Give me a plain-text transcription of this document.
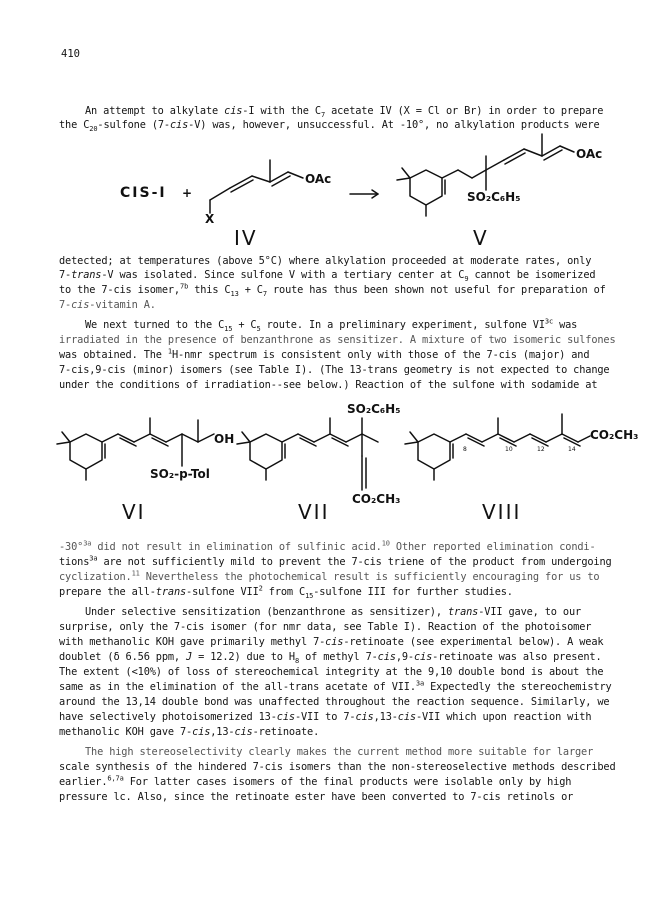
410
An attempt to alkylate cis-I with the $C_7$ acetate IV (X = Cl or Br) in order to prepare
the $C_{20}$-sulfone (7-cis-V) was, however, unsuccessful. At -10°, no alkylation products were
CIS-I +
OAc
X
IV
OAc
SO₂C₆H₅
V
detected; at temperatures (above 5°C) where alkylation proceeded at moderate rates, only
7-trans-V was isolated. Since sulfone V with a tertiary center at $C_9$ cannot be isomerized
to the 7-cis isomer,$^{7b}$ this $C_{13} + C_7$ route has thus been shown not useful for preparation of
7-cis-vitamin A.
We next turned to the $C_{15} + C_5$ route. In a preliminary experiment, sulfone $VI^{3c}$ was
irradiated in the presence of benzanthrone as sensitizer. A mixture of two isomeric sulfones
was obtained. The $^1$H-nmr spectrum is consistent only with those of the 7-cis (major) and
7-cis,9-cis (minor) isomers (see Table I). (The 13-trans geometry is not expected to change
under the conditions of irradiation--see below.) Reaction of the sulfone with sodamide at
OH
SO₂-p-Tol
VI
SO₂C₆H₅
CO₂CH₃
VII
CO₂CH₃
8	10	12	14
VIII
-30°$^{3a}$ did not result in elimination of sulfinic acid.$^{10}$ Other reported elimination condi-
tions$^{3a}$ are not sufficiently mild to prevent the 7-cis triene of the product from undergoing
cyclization.$^{11}$ Nevertheless the photochemical result is sufficiently encouraging for us to
prepare the all-trans-sulfone VII$^2$ from $C_{15}$-sulfone III for further studies.
Under selective sensitization (benzanthrone as sensitizer), trans-VII gave, to our
surprise, only the 7-cis isomer (for nmr data, see Table I). Reaction of the photoisomer
with methanolic KOH gave primarily methyl 7-cis-retinoate (see experimental below). A weak
doublet (δ 6.56 ppm, J = 12.2) due to $H_8$ of methyl 7-cis,9-cis-retinoate was also present.
The extent (<10%) of loss of stereochemical integrity at the 9,10 double bond is about the
same as in the elimination of the all-trans acetate of VII.$^{3a}$ Expectedly the stereochemistry
around the 13,14 double bond was unaffected throughout the reaction sequence. Similarly, we
have selectively photoisomerized 13-cis-VII to 7-cis,13-cis-VII which upon reaction with
methanolic KOH gave 7-cis,13-cis-retinoate.
The high stereoselectivity clearly makes the current method more suitable for larger
scale synthesis of the hindered 7-cis isomers than the non-stereoselective methods described
earlier.$^{6,7a}$ For latter cases isomers of the final products were isolable only by high
pressure lc. Also, since the retinoate ester have been converted to 7-cis retinols or
